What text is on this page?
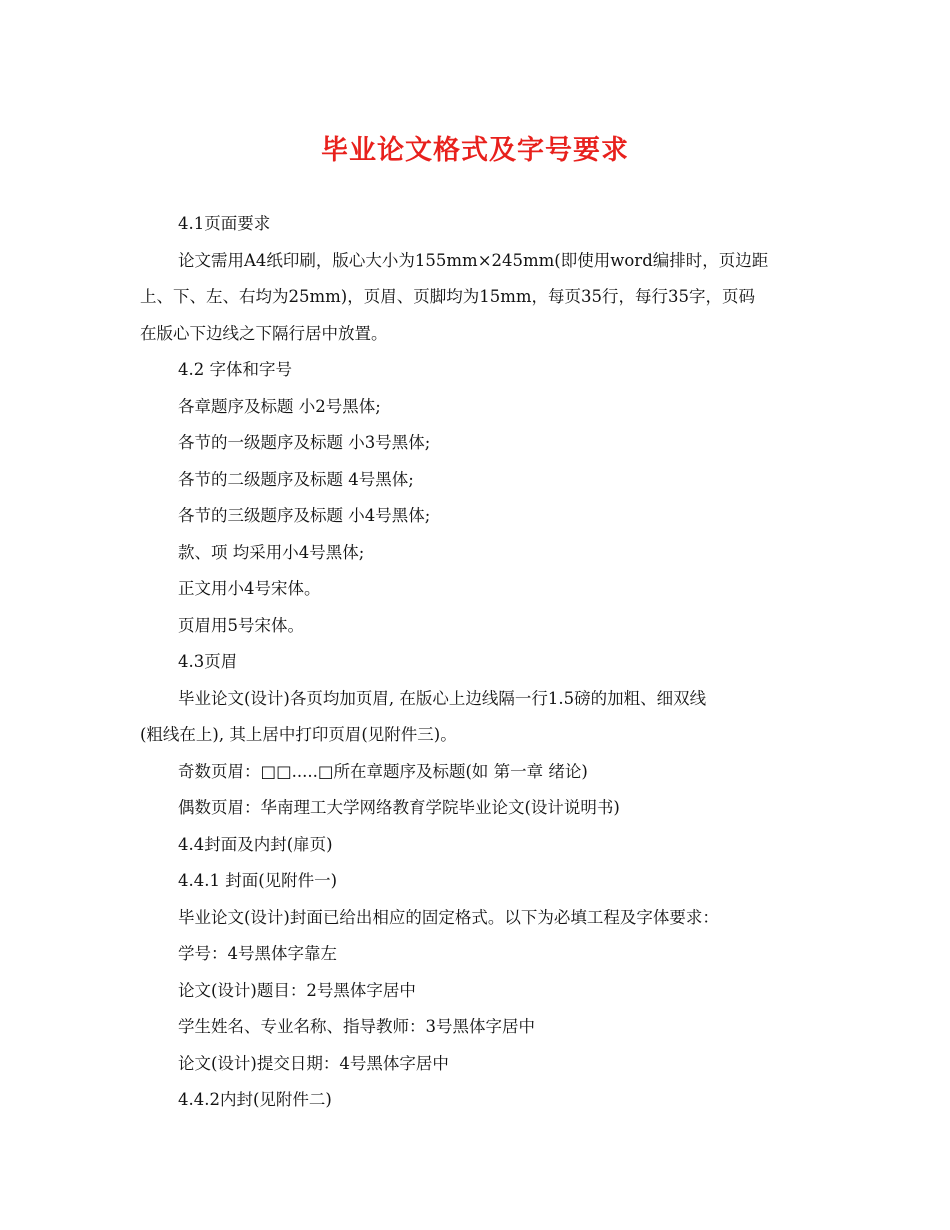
毕业论文格式及字号要求
4.1页面要求
论文需用A4纸印刷，版心大小为155mm×245mm(即使用word编排时，页边距
上、下、左、右均为25mm)，页眉、页脚均为15mm，每页35行，每行35字，页码
在版心下边线之下隔行居中放置。
4.2 字体和字号
各章题序及标题 小2号黑体;
各节的一级题序及标题 小3号黑体;
各节的二级题序及标题 4号黑体;
各节的三级题序及标题 小4号黑体;
款、项 均采用小4号黑体;
正文用小4号宋体。
页眉用5号宋体。
4.3页眉
毕业论文(设计)各页均加页眉, 在版心上边线隔一行1.5磅的加粗、细双线
(粗线在上), 其上居中打印页眉(见附件三)。
奇数页眉：□□.....□所在章题序及标题(如 第一章 绪论)
偶数页眉：华南理工大学网络教育学院毕业论文(设计说明书)
4.4封面及内封(扉页)
4.4.1 封面(见附件一)
毕业论文(设计)封面已给出相应的固定格式。以下为必填工程及字体要求：
学号：4号黑体字靠左
论文(设计)题目：2号黑体字居中
学生姓名、专业名称、指导教师：3号黑体字居中
论文(设计)提交日期：4号黑体字居中
4.4.2内封(见附件二)
